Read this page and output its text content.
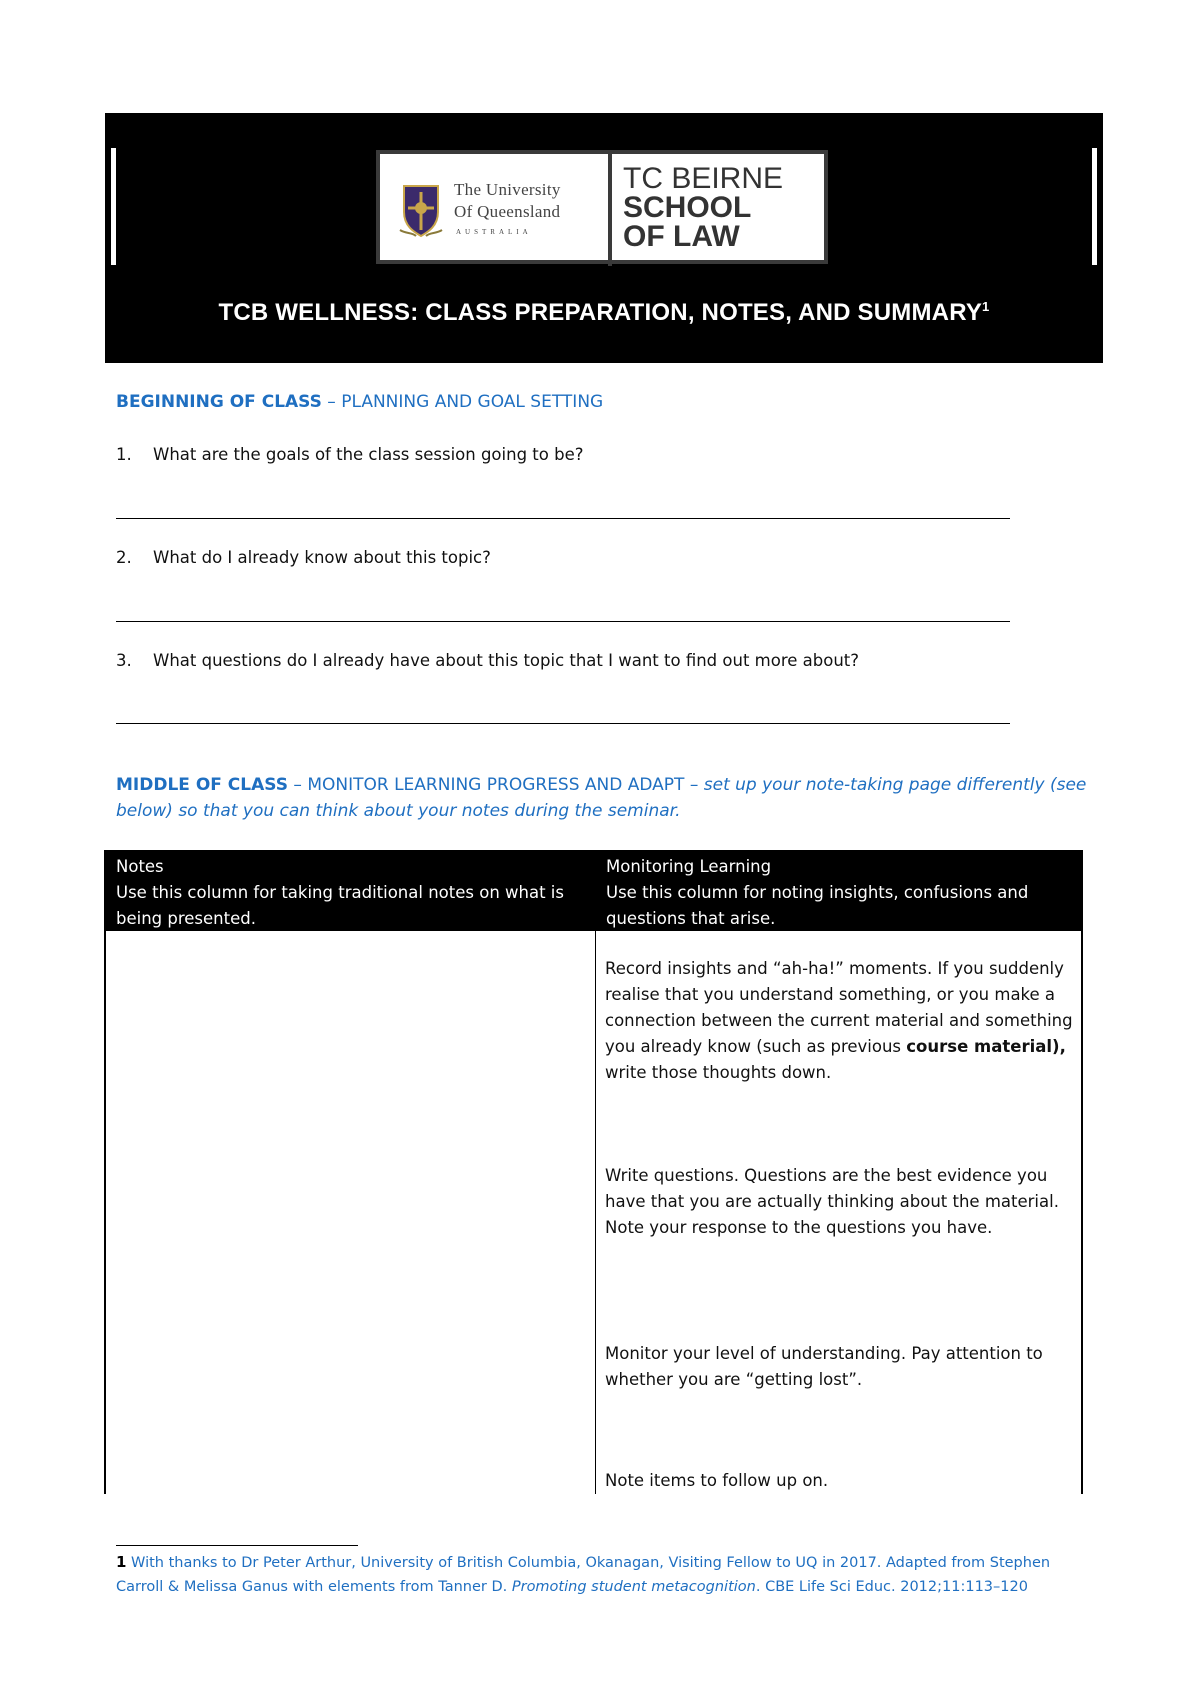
The University
Of Queensland
AUSTRALIA
TC BEIRNE
SCHOOL
OF LAW
TCB WELLNESS: CLASS PREPARATION, NOTES, AND SUMMARY$^1$
BEGINNING OF CLASS – PLANNING AND GOAL SETTING
1. What are the goals of the class session going to be?
2. What do I already know about this topic?
3. What questions do I already have about this topic that I want to find out more about?
MIDDLE OF CLASS – MONITOR LEARNING PROGRESS AND ADAPT – set up your note-taking page differently (see
below) so that you can think about your notes during the seminar.
Notes
Use this column for taking traditional notes on what is being presented.
Monitoring Learning
Use this column for noting insights, confusions and questions that arise.
Record insights and “ah-ha!” moments. If you suddenly realise that you understand something, or you make a connection between the current material and something you already know (such as previous course material), write those thoughts down.
Write questions. Questions are the best evidence you have that you are actually thinking about the material. Note your response to the questions you have.
Monitor your level of understanding. Pay attention to whether you are “getting lost”.
Note items to follow up on.
1 With thanks to Dr Peter Arthur, University of British Columbia, Okanagan, Visiting Fellow to UQ in 2017. Adapted from Stephen Carroll & Melissa Ganus with elements from Tanner D. Promoting student metacognition. CBE Life Sci Educ. 2012;11:113–120
